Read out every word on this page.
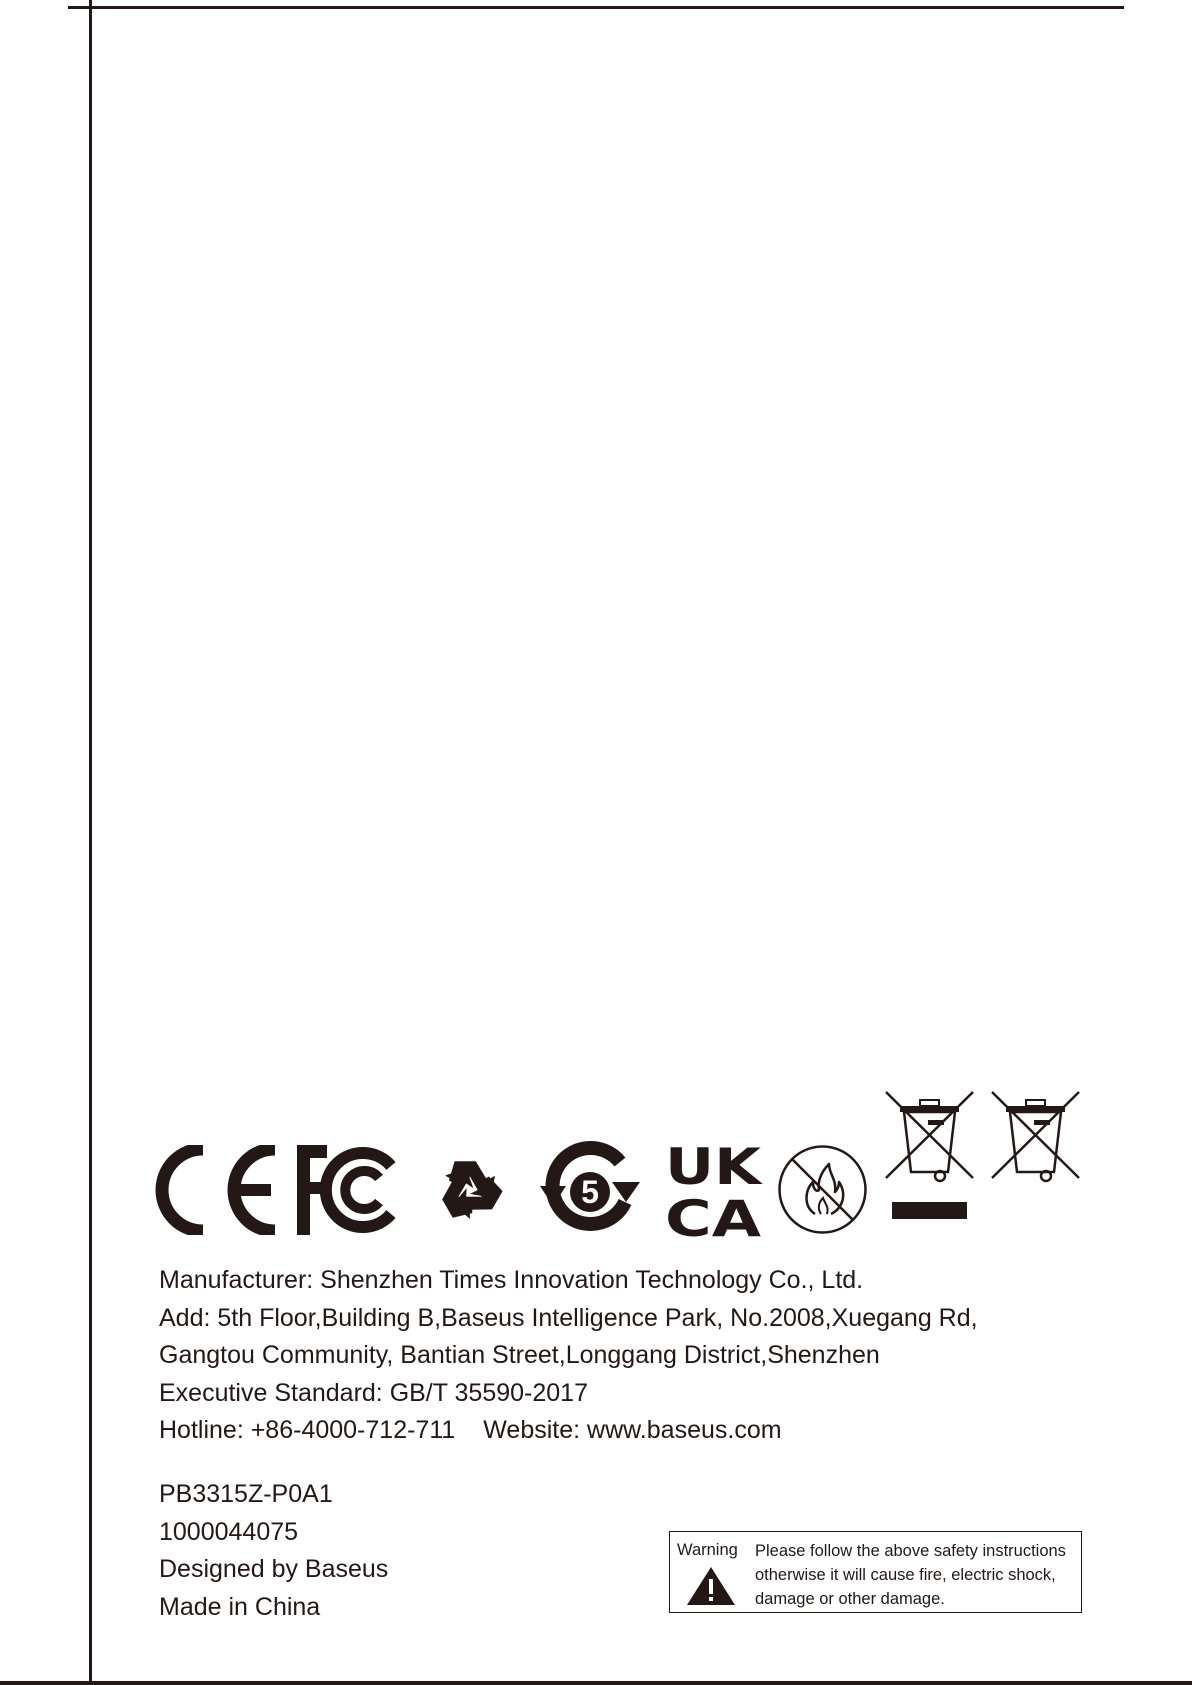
5 UK
CA
Manufacturer: Shenzhen Times Innovation Technology Co., Ltd.
Add: 5th Floor,Building B,Baseus Intelligence Park, No.2008,Xuegang Rd,
Gangtou Community, Bantian Street,Longgang District,Shenzhen
Executive Standard: GB/T 35590-2017
Hotline: +86-4000-712-711 Website: www.baseus.com
PB3315Z-P0A1
1000044075
Designed by Baseus
Made in China
Warning Please follow the above safety instructions
otherwise it will cause fire, electric shock,
damage or other damage.
